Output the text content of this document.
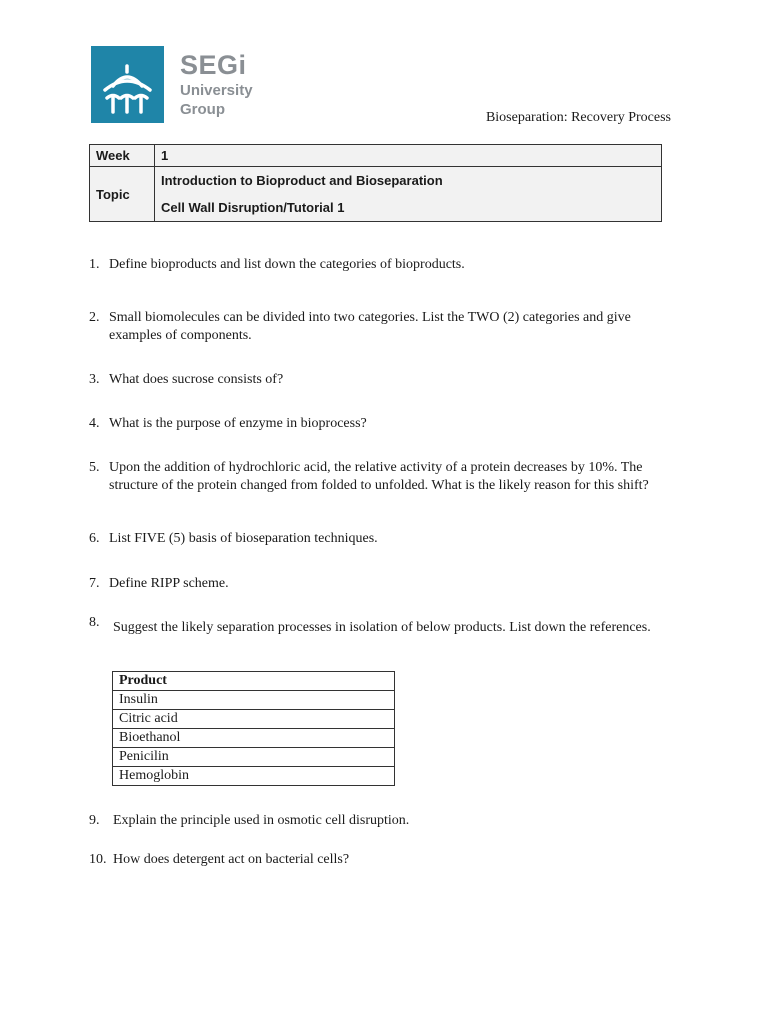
SEGi
University
Group	Bioseparation: Recovery Process
Week	1
Topic	Introduction to Bioproduct and Bioseparation
Cell Wall Disruption/Tutorial 1
1. Define bioproducts and list down the categories of bioproducts.
2. Small biomolecules can be divided into two categories. List the TWO (2) categories and give examples of components.
3. What does sucrose consists of?
4. What is the purpose of enzyme in bioprocess?
5. Upon the addition of hydrochloric acid, the relative activity of a protein decreases by 10%. The structure of the protein changed from folded to unfolded. What is the likely reason for this shift?
6. List FIVE (5) basis of bioseparation techniques.
7. Define RIPP scheme.
8. Suggest the likely separation processes in isolation of below products. List down the references.
Product
Insulin
Citric acid
Bioethanol
Penicilin
Hemoglobin
9. Explain the principle used in osmotic cell disruption.
10. How does detergent act on bacterial cells?
